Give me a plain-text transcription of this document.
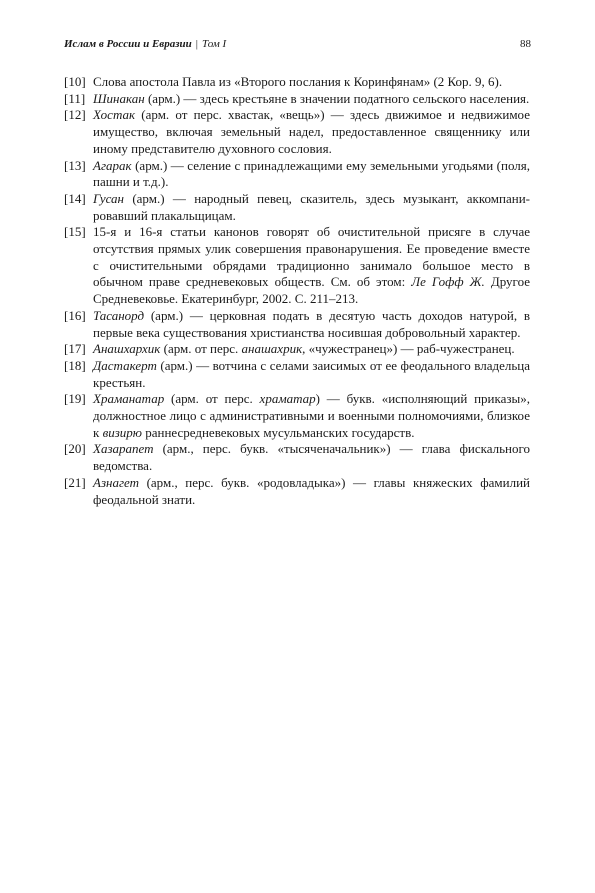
Ислам в России и Евразии | Том I	88

[10] Слова апостола Павла из «Второго послания к Коринфянам» (2 Кор. 9, 6).

[11] Шинакан (арм.) — здесь крестьяне в значении податного сельского населения.

[12] Хостак (арм. от перс. хвастак, «вещь») — здесь движимое и недвижимое имущество, включая земельный надел, предоставленное священнику или иному представителю духовного сословия.

[13] Агарак (арм.) — селение с принадлежащими ему земельными угодьями (поля, пашни и т.д.).

[14] Гусан (арм.) — народный певец, сказитель, здесь музыкант, аккомпанировавший плакальщицам.

[15] 15-я и 16-я статьи канонов говорят об очистительной присяге в случае отсутствия прямых улик совершения правонарушения. Ее проведение вместе с очистительными обрядами традиционно занимало большое место в обычном праве средневековых обществ. См. об этом: Ле Гофф Ж. Другое Средневековье. Екатеринбург, 2002. С. 211–213.

[16] Тасанорд (арм.) — церковная подать в десятую часть доходов натурой, в первые века существования христианства носившая добровольный характер.

[17] Анашхархик (арм. от перс. анашахрик, «чужестранец») — раб-чужестранец.

[18] Дастакерт (арм.) — вотчина с селами заисимых от ее феодального владельца крестьян.

[19] Храманатар (арм. от перс. храматар) — букв. «исполняющий приказы», должностное лицо с административными и военными полномочиями, близкое к визирю раннесредневековых мусульманских государств.

[20] Хазарапет (арм., перс. букв. «тысяченачальник») — глава фискального ведомства.

[21] Азнагет (арм., перс. букв. «родовладыка») — главы княжеских фамилий феодальной знати.
